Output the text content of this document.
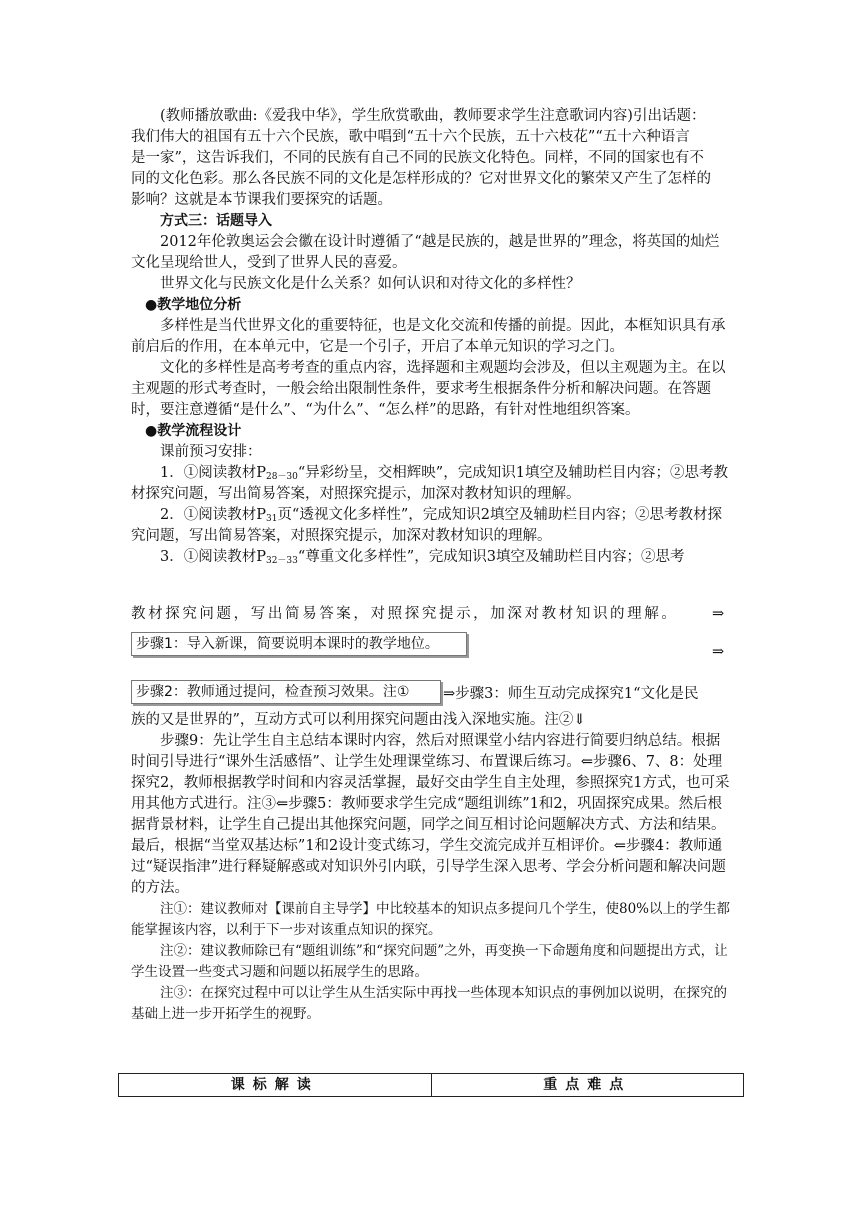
(教师播放歌曲:《爱我中华》，学生欣赏歌曲，教师要求学生注意歌词内容)引出话题：

我们伟大的祖国有五十六个民族，歌中唱到“五十六个民族，五十六枝花”“五十六种语言

是一家”，这告诉我们，不同的民族有自己不同的民族文化特色。同样，不同的国家也有不

同的文化色彩。那么各民族不同的文化是怎样形成的？它对世界文化的繁荣又产生了怎样的

影响？这就是本节课我们要探究的话题。

方式三：话题导入

2012年伦敦奥运会会徽在设计时遵循了“越是民族的，越是世界的”理念，将英国的灿烂文化呈现给世人，受到了世界人民的喜爱。

世界文化与民族文化是什么关系？如何认识和对待文化的多样性？

●教学地位分析

多样性是当代世界文化的重要特征，也是文化交流和传播的前提。因此，本框知识具有承前启后的作用，在本单元中，它是一个引子，开启了本单元知识的学习之门。

文化的多样性是高考考查的重点内容，选择题和主观题均会涉及，但以主观题为主。在以主观题的形式考查时，一般会给出限制性条件，要求考生根据条件分析和解决问题。在答题时，要注意遵循“是什么”、“为什么”、“怎么样”的思路，有针对性地组织答案。

●教学流程设计

课前预习安排：

1．①阅读教材$P_{28-30}“$异彩纷呈，交相辉映”，完成知识1填空及辅助栏目内容；②思考教材探究问题，写出简易答案，对照探究提示，加深对教材知识的理解。

2．①阅读教材$P_{31}$页“透视文化多样性”，完成知识2填空及辅助栏目内容；②思考教材探究问题，写出简易答案，对照探究提示，加深对教材知识的理解。

3．①阅读教材$P_{32-33}“$尊重文化多样性”，完成知识3填空及辅助栏目内容；②思考

教 材 探 究 问 题 ， 写 出 简 易 答 案 ， 对 照 探 究 提 示 ， 加 深 对 教 材 知 识 的 理 解 。	⇒
步骤1：导入新课，简要说明本课时的教学地位。	⇒
步骤2：教师通过提问，检查预习效果。注①	⇒步骤3：师生互动完成探究1“文化是民

族的又是世界的”，互动方式可以利用探究问题由浅入深地实施。注②⇓

步骤9：先让学生自主总结本课时内容，然后对照课堂小结内容进行简要归纳总结。根据时间引导进行“课外生活感悟”、让学生处理课堂练习、布置课后练习。⇐步骤6、7、8：处理探究2，教师根据教学时间和内容灵活掌握，最好交由学生自主处理，参照探究1方式，也可采用其他方式进行。注③⇐步骤5：教师要求学生完成“题组训练”1和2，巩固探究成果。然后根据背景材料，让学生自己提出其他探究问题，同学之间互相讨论问题解决方式、方法和结果。最后，根据“当堂双基达标”1和2设计变式练习，学生交流完成并互相评价。⇐步骤4：教师通过“疑误指津”进行释疑解惑或对知识外引内联，引导学生深入思考、学会分析问题和解决问题的方法。

注①：建议教师对【课前自主导学】中比较基本的知识点多提问几个学生，使80%以上的学生都能掌握该内容，以利于下一步对该重点知识的探究。

注②：建议教师除已有“题组训练”和“探究问题”之外，再变换一下命题角度和问题提出方式，让学生设置一些变式习题和问题以拓展学生的思路。

注③：在探究过程中可以让学生从生活实际中再找一些体现本知识点的事例加以说明，在探究的基础上进一步开拓学生的视野。

课标解读	重点难点
